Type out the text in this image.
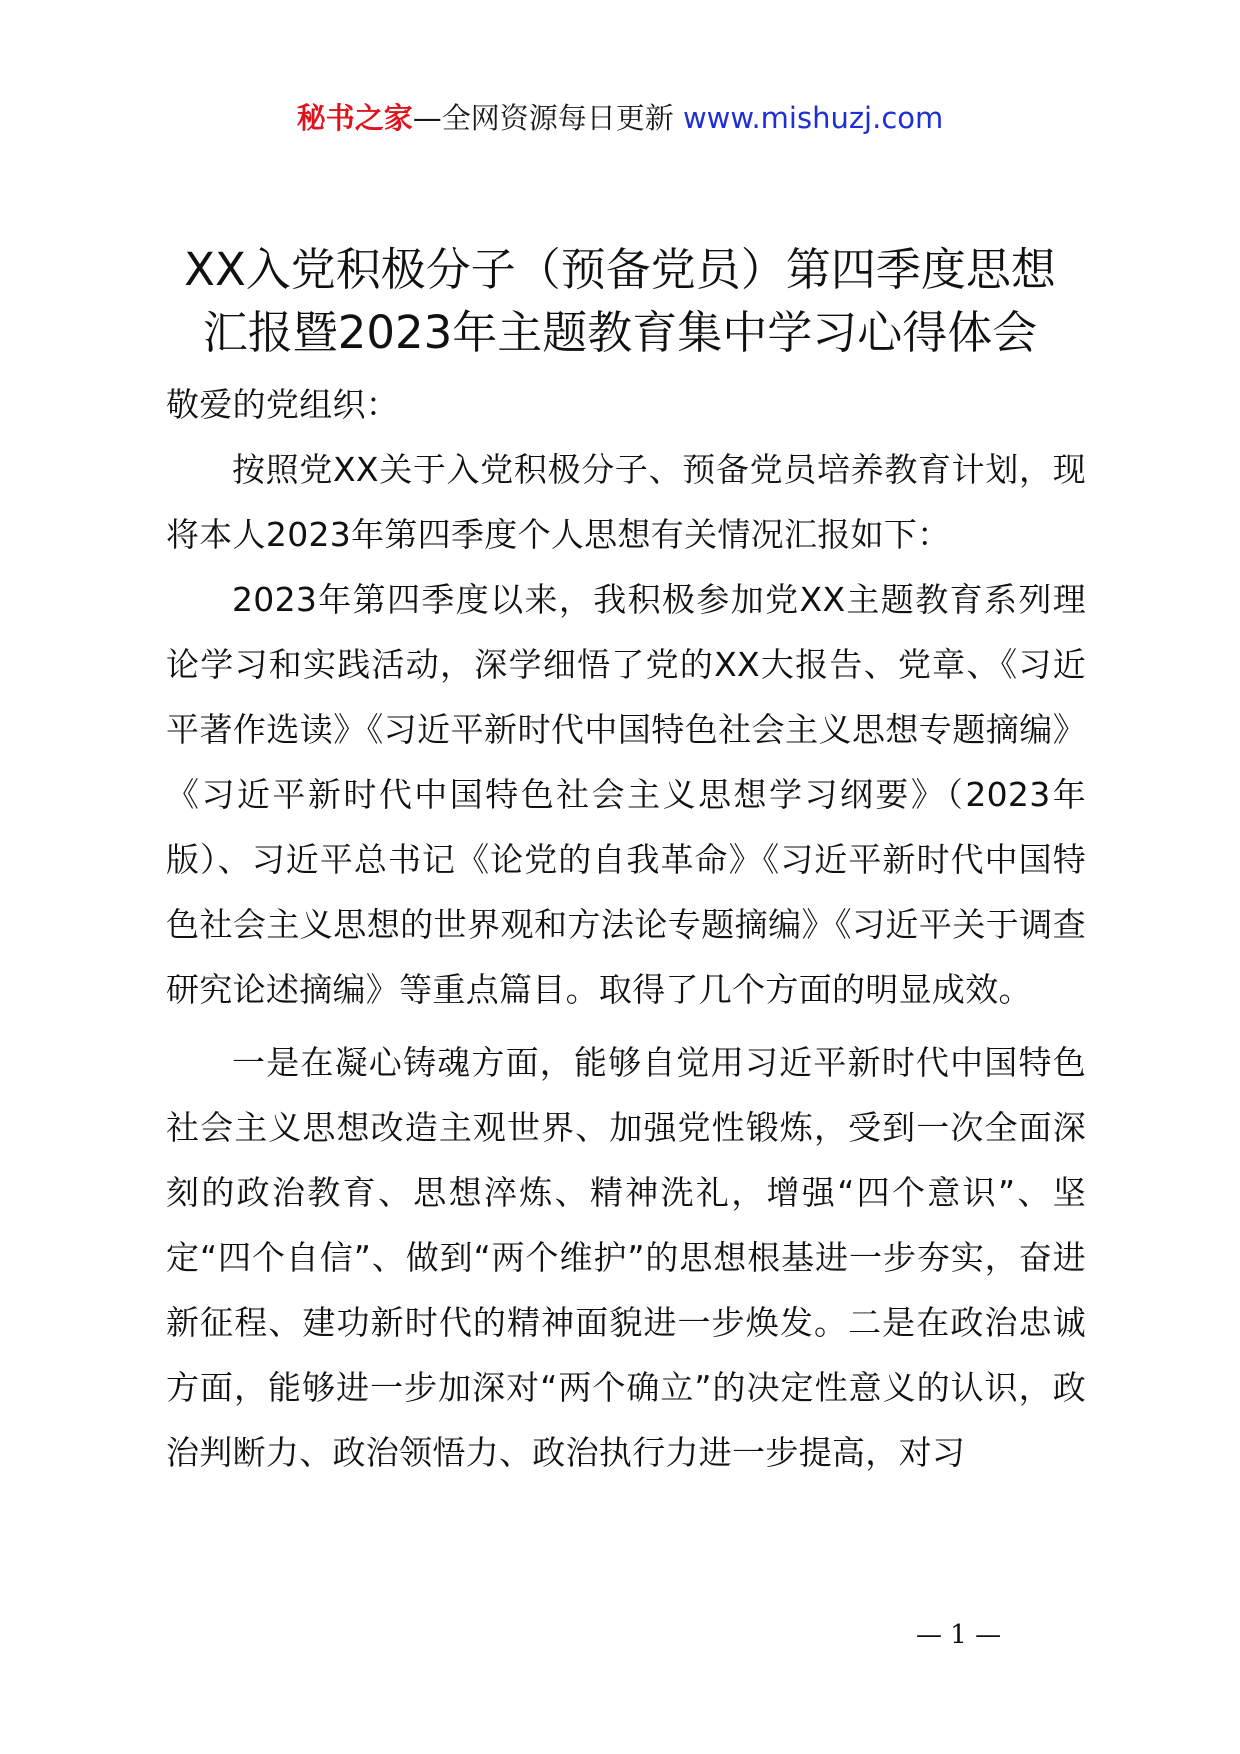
秘书之家—全网资源每日更新 www.mishuzj.com
XX入党积极分子（预备党员）第四季度思想
汇报暨2023年主题教育集中学习心得体会

敬爱的党组织：

按照党XX关于入党积极分子、预备党员培养教育计划，现将本人2023年第四季度个人思想有关情况汇报如下：

2023年第四季度以来，我积极参加党XX主题教育系列理论学习和实践活动，深学细悟了党的XX大报告、党章、《习近平著作选读》《习近平新时代中国特色社会主义思想专题摘编》《习近平新时代中国特色社会主义思想学习纲要》（2023年版）、习近平总书记《论党的自我革命》《习近平新时代中国特色社会主义思想的世界观和方法论专题摘编》《习近平关于调查研究论述摘编》等重点篇目。取得了几个方面的明显成效。

一是在凝心铸魂方面，能够自觉用习近平新时代中国特色社会主义思想改造主观世界、加强党性锻炼，受到一次全面深刻的政治教育、思想淬炼、精神洗礼，增强“四个意识”、坚定“四个自信”、做到“两个维护”的思想根基进一步夯实，奋进新征程、建功新时代的精神面貌进一步焕发。二是在政治忠诚方面，能够进一步加深对“两个确立”的决定性意义的认识，政治判断力、政治领悟力、政治执行力进一步提高，对习

— 1 —
